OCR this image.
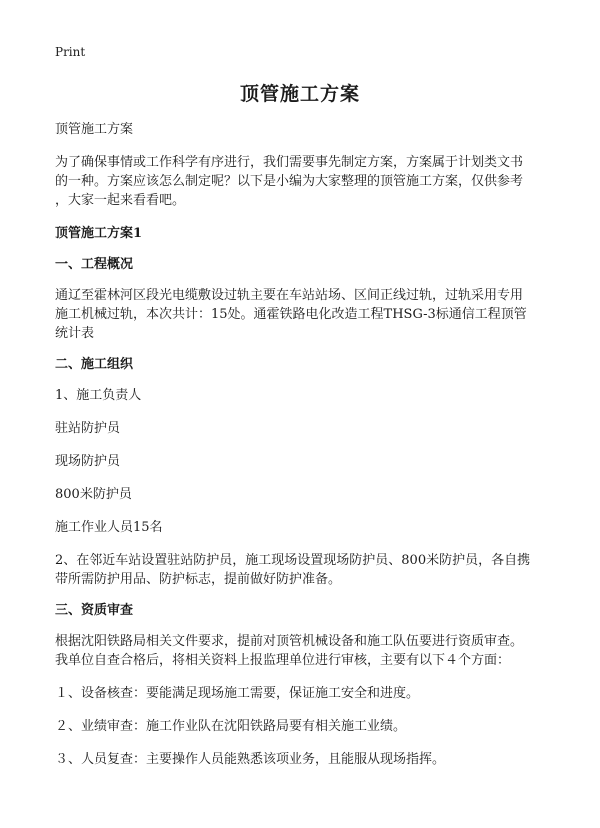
Print
顶管施工方案

顶管施工方案

为了确保事情或工作科学有序进行，我们需要事先制定方案，方案属于计划类文书

的一种。方案应该怎么制定呢？以下是小编为大家整理的顶管施工方案，仅供参考

，大家一起来看看吧。

顶管施工方案1

一、工程概况

通辽至霍林河区段光电缆敷设过轨主要在车站站场、区间正线过轨，过轨采用专用

施工机械过轨，本次共计：15处。通霍铁路电化改造工程THSG-3标通信工程顶管

统计表

二、施工组织

1、施工负责人

驻站防护员

现场防护员

800米防护员

施工作业人员15名

2、在邻近车站设置驻站防护员，施工现场设置现场防护员、800米防护员，各自携

带所需防护用品、防护标志，提前做好防护准备。

三、资质审查

根据沈阳铁路局相关文件要求，提前对顶管机械设备和施工队伍要进行资质审查。

我单位自查合格后，将相关资料上报监理单位进行审核，主要有以下４个方面：

１、设备核查：要能满足现场施工需要，保证施工安全和进度。

２、业绩审查：施工作业队在沈阳铁路局要有相关施工业绩。

３、人员复查：主要操作人员能熟悉该项业务，且能服从现场指挥。
